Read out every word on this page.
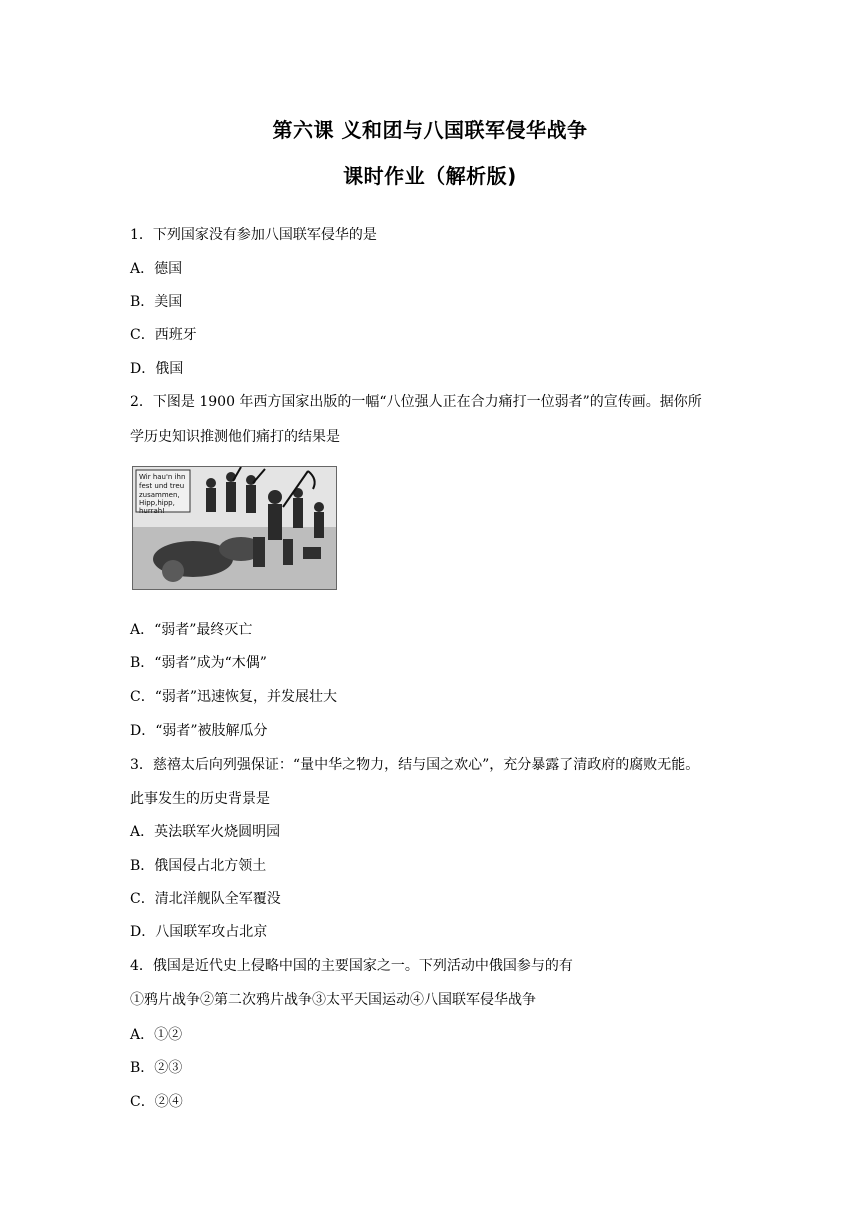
第六课 义和团与八国联军侵华战争
课时作业（解析版)
1．下列国家没有参加八国联军侵华的是
A．德国
B．美国
C．西班牙
D．俄国
2．下图是 1900 年西方国家出版的一幅“八位强人正在合力痛打一位弱者”的宣传画。据你所
学历史知识推测他们痛打的结果是
Wir hau'n ihn
fest und treu
zusammen,
Hipp,hipp,
hurrah!
A．“弱者”最终灭亡
B．“弱者”成为“木偶”
C．“弱者”迅速恢复，并发展壮大
D．“弱者”被肢解瓜分
3．慈禧太后向列强保证：“量中华之物力，结与国之欢心”，充分暴露了清政府的腐败无能。
此事发生的历史背景是
A．英法联军火烧圆明园
B．俄国侵占北方领土
C．清北洋舰队全军覆没
D．八国联军攻占北京
4．俄国是近代史上侵略中国的主要国家之一。下列活动中俄国参与的有
①鸦片战争②第二次鸦片战争③太平天国运动④八国联军侵华战争
A．①②
B．②③
C．②④
